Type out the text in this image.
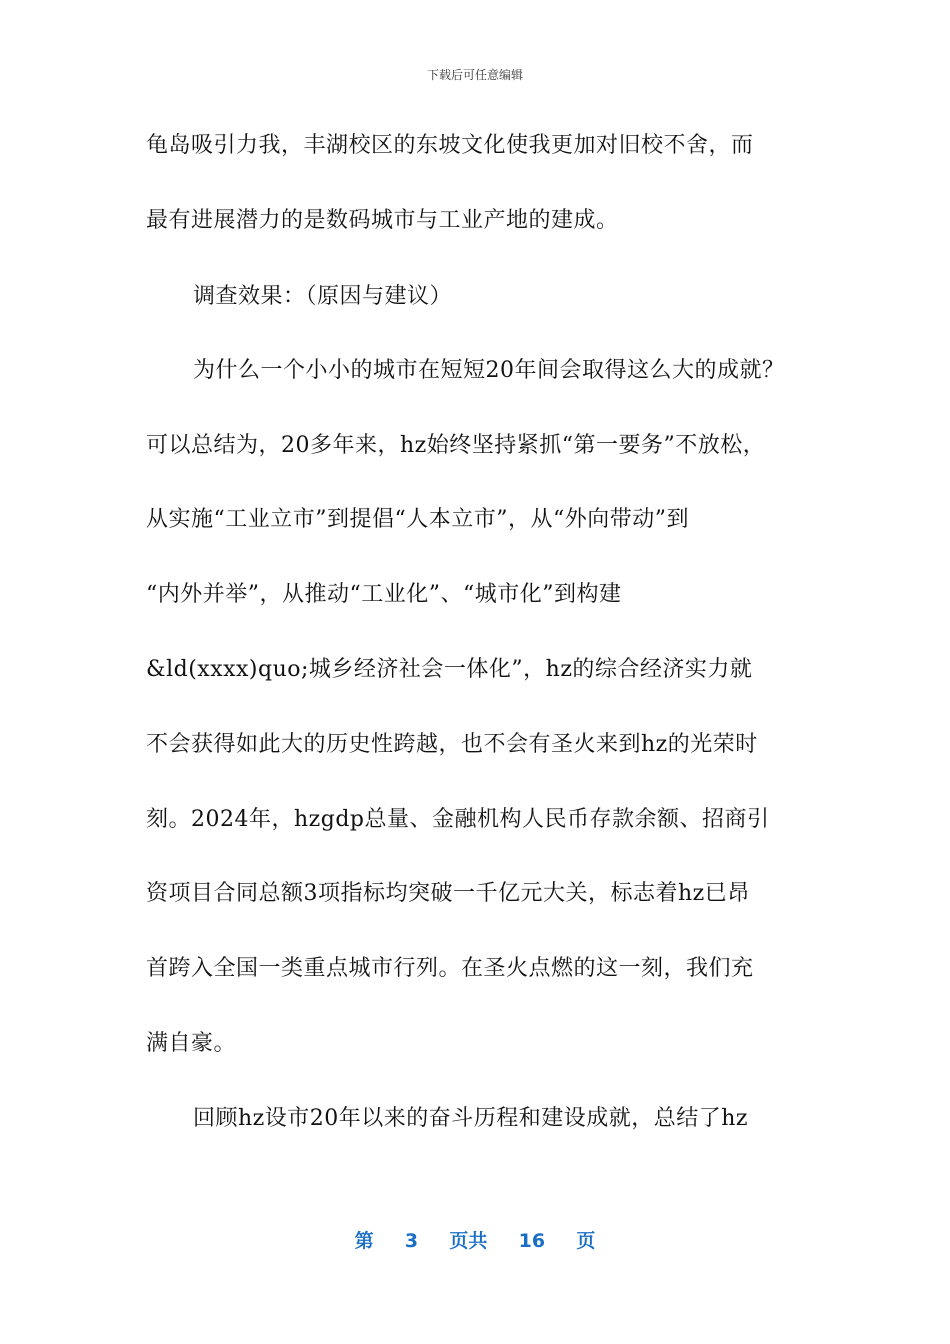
下载后可任意编辑
龟岛吸引力我，丰湖校区的东坡文化使我更加对旧校不舍，而
最有进展潜力的是数码城市与工业产地的建成。
调查效果：（原因与建议）
为什么一个小小的城市在短短20年间会取得这么大的成就？
可以总结为，20多年来，hz始终坚持紧抓“第一要务”不放松，
从实施“工业立市”到提倡“人本立市”，从“外向带动”到
“内外并举”，从推动“工业化”、“城市化”到构建
&ld(xxxx)quo;城乡经济社会一体化”，hz的综合经济实力就
不会获得如此大的历史性跨越，也不会有圣火来到hz的光荣时
刻。2024年，hzgdp总量、金融机构人民币存款余额、招商引
资项目合同总额3项指标均突破一千亿元大关，标志着hz已昂
首跨入全国一类重点城市行列。在圣火点燃的这一刻，我们充
满自豪。
回顾hz设市20年以来的奋斗历程和建设成就，总结了hz
第 3 页共 16 页
